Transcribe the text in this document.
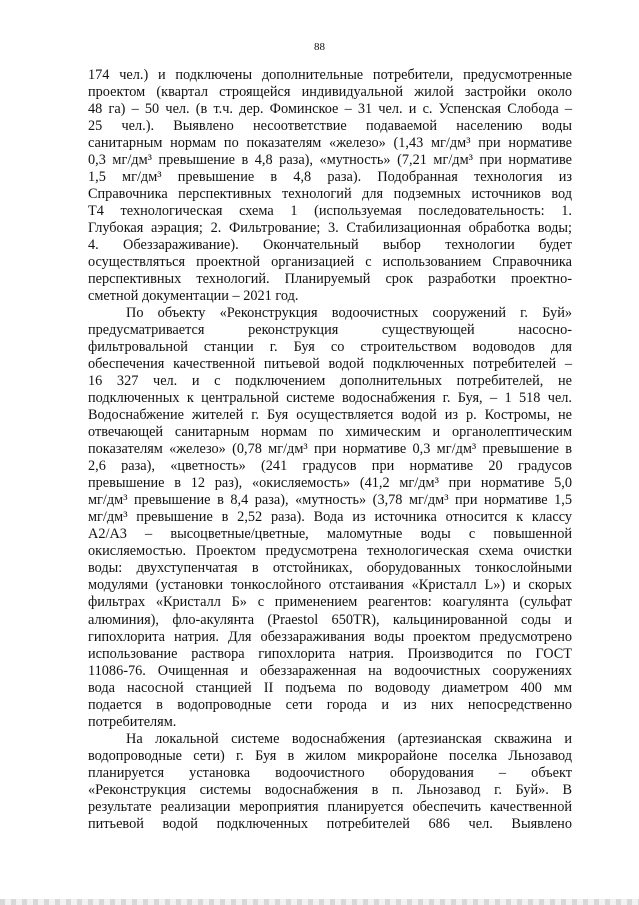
88

174 чел.) и подключены дополнительные потребители, предусмотренные
проектом (квартал строящейся индивидуальной жилой застройки около
48 га) – 50 чел. (в т.ч. дер. Фоминское – 31 чел. и с. Успенская Слобода –
25 чел.). Выявлено несоответствие подаваемой населению воды
санитарным нормам по показателям «железо» (1,43 мг/дм³ при нормативе
0,3 мг/дм³ превышение в 4,8 раза), «мутность» (7,21 мг/дм³ при нормативе
1,5 мг/дм³ превышение в 4,8 раза). Подобранная технология из
Справочника перспективных технологий для подземных источников вод
Т4 технологическая схема 1 (используемая последовательность: 1.
Глубокая аэрация; 2. Фильтрование; 3. Стабилизационная обработка воды;
4. Обеззараживание). Окончательный выбор технологии будет
осуществляться проектной организацией с использованием Справочника
перспективных технологий. Планируемый срок разработки проектно-
сметной документации – 2021 год.

По объекту «Реконструкция водоочистных сооружений г. Буй»
предусматривается реконструкция существующей насосно-
фильтровальной станции г. Буя со строительством водоводов для
обеспечения качественной питьевой водой подключенных потребителей –
16 327 чел. и с подключением дополнительных потребителей, не
подключенных к центральной системе водоснабжения г. Буя, – 1 518 чел.
Водоснабжение жителей г. Буя осуществляется водой из р. Костромы, не
отвечающей санитарным нормам по химическим и органолептическим
показателям «железо» (0,78 мг/дм³ при нормативе 0,3 мг/дм³ превышение в
2,6 раза), «цветность» (241 градусов при нормативе 20 градусов
превышение в 12 раз), «окисляемость» (41,2 мг/дм³ при нормативе 5,0
мг/дм³ превышение в 8,4 раза), «мутность» (3,78 мг/дм³ при нормативе 1,5
мг/дм³ превышение в 2,52 раза). Вода из источника относится к классу
А2/А3 – высоцветные/цветные, маломутные воды с повышенной
окисляемостью. Проектом предусмотрена технологическая схема очистки
воды: двухступенчатая в отстойниках, оборудованных тонкослойными
модулями (установки тонкослойного отстаивания «Кристалл L») и скорых
фильтрах «Кристалл Б» с применением реагентов: коагулянта (сульфат
алюминия), фло-акулянта (Praestol 650TR), кальцинированной соды и
гипохлорита натрия. Для обеззараживания воды проектом предусмотрено
использование раствора гипохлорита натрия. Производится по ГОСТ
11086-76. Очищенная и обеззараженная на водоочистных сооружениях
вода насосной станцией II подъема по водоводу диаметром 400 мм
подается в водопроводные сети города и из них непосредственно
потребителям.

На локальной системе водоснабжения (артезианская скважина и
водопроводные сети) г. Буя в жилом микрорайоне поселка Льнозавод
планируется установка водоочистного оборудования – объект
«Реконструкция системы водоснабжения в п. Льнозавод г. Буй». В
результате реализации мероприятия планируется обеспечить качественной
питьевой водой подключенных потребителей 686 чел. Выявлено
